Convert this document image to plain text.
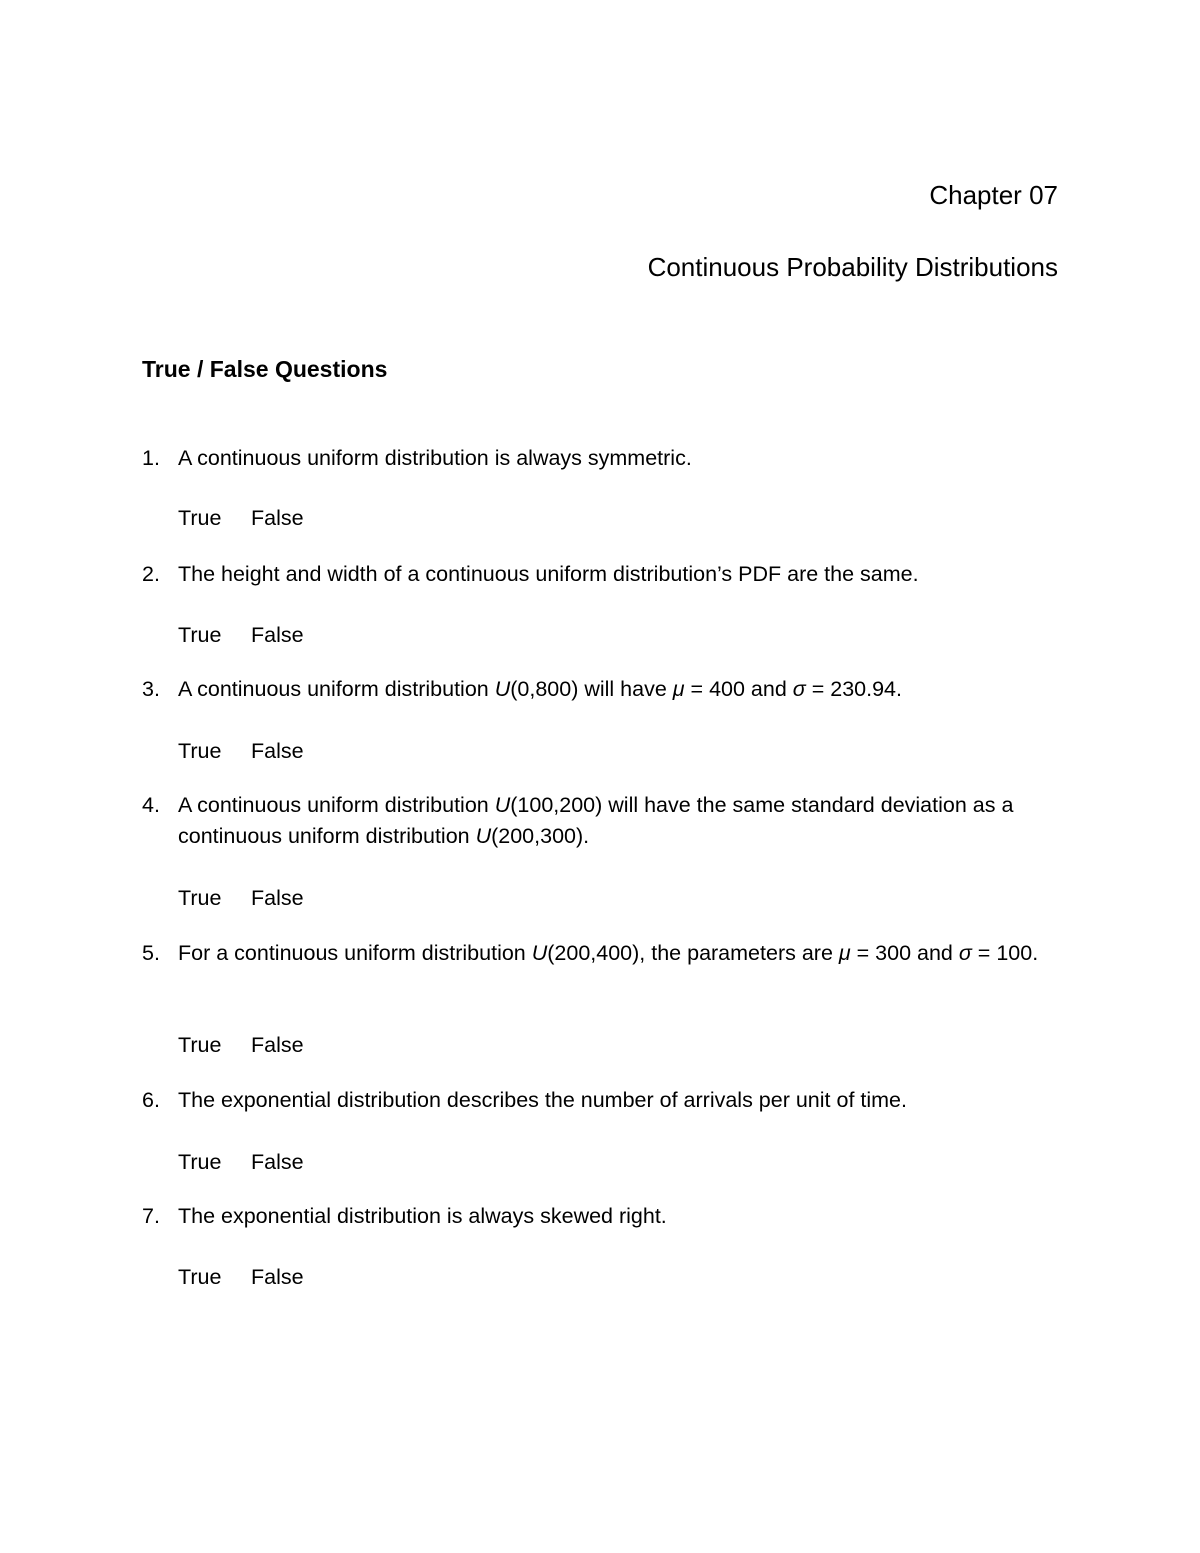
Chapter 07
Continuous Probability Distributions
True / False Questions
1. A continuous uniform distribution is always symmetric.
True False
2. The height and width of a continuous uniform distribution’s PDF are the same.
True False
3. A continuous uniform distribution U(0,800) will have μ = 400 and σ = 230.94.
True False
4. A continuous uniform distribution U(100,200) will have the same standard deviation as a continuous uniform distribution U(200,300).
True False
5. For a continuous uniform distribution U(200,400), the parameters are μ = 300 and σ = 100.
True False
6. The exponential distribution describes the number of arrivals per unit of time.
True False
7. The exponential distribution is always skewed right.
True False
